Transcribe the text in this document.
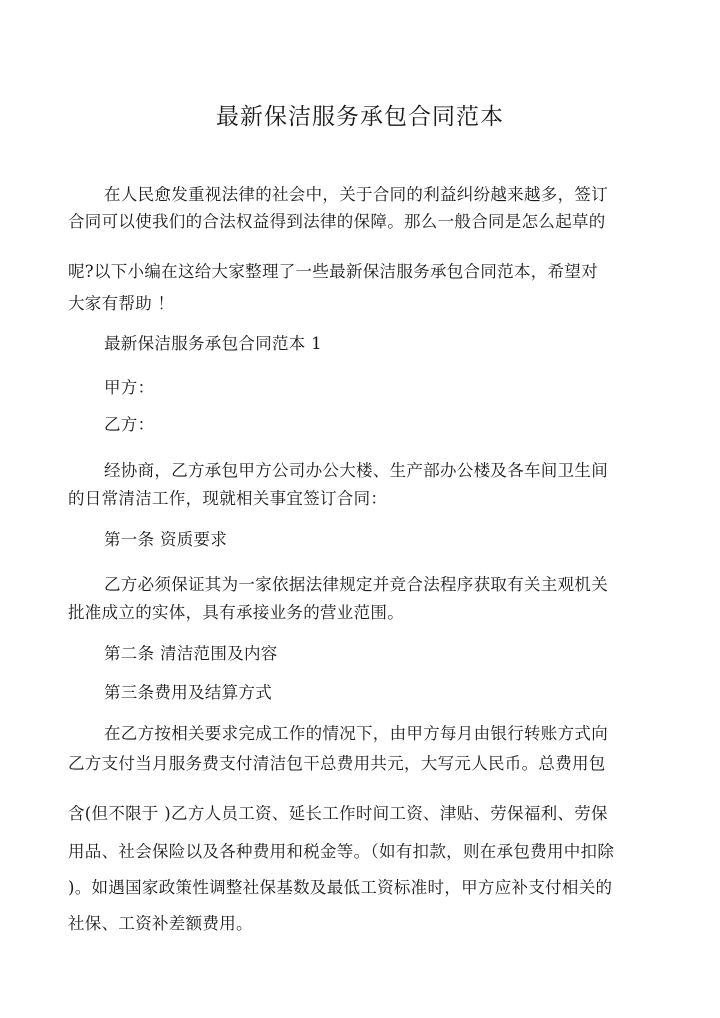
最新保洁服务承包合同范本
在人民愈发重视法律的社会中，关于合同的利益纠纷越来越多，签订
合同可以使我们的合法权益得到法律的保障。那么一般合同是怎么起草的
呢?以下小编在这给大家整理了一些最新保洁服务承包合同范本，希望对
大家有帮助 ！
最新保洁服务承包合同范本 1
甲方：
乙方：
经协商，乙方承包甲方公司办公大楼、生产部办公楼及各车间卫生间
的日常清洁工作，现就相关事宜签订合同：
第一条 资质要求
乙方必须保证其为一家依据法律规定并竞合法程序获取有关主观机关
批准成立的实体，具有承接业务的营业范围。
第二条 清洁范围及内容
第三条费用及结算方式
在乙方按相关要求完成工作的情况下，由甲方每月由银行转账方式向
乙方支付当月服务费支付清洁包干总费用共元，大写元人民币。总费用包
含(但不限于 )乙方人员工资、延长工作时间工资、津贴、劳保福利、劳保
用品、社会保险以及各种费用和税金等。（如有扣款，则在承包费用中扣除
)。如遇国家政策性调整社保基数及最低工资标准时，甲方应补支付相关的
社保、工资补差额费用。
